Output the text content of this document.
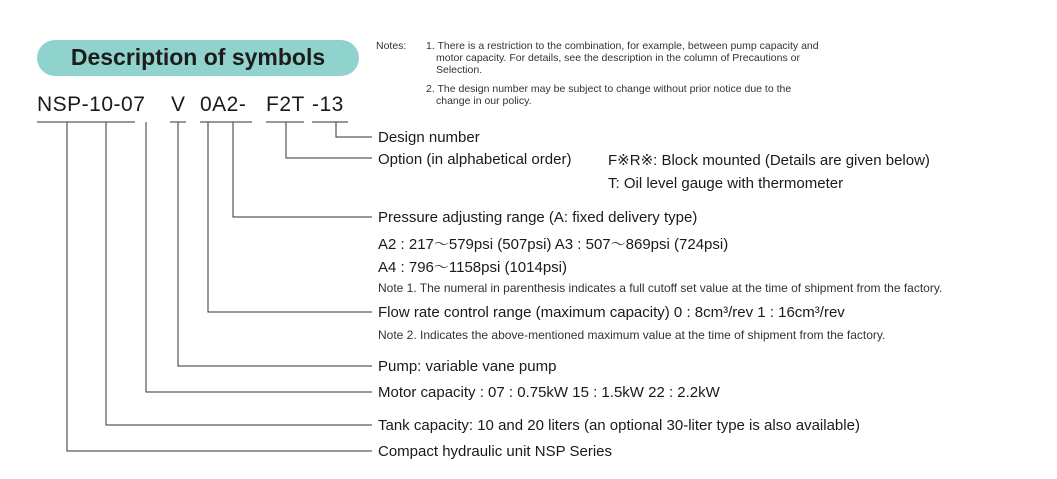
Description of symbols	Notes: 1. There is a restriction to the combination, for example, between pump capacity and
motor capacity. For details, see the description in the column of Precautions or
Selection.
2. The design number may be subject to change without prior notice due to the
change in our policy.
NSP-10-07 V 0A2- F2T -13
Design number
Option (in alphabetical order) F※R※: Block mounted (Details are given below)
T: Oil level gauge with thermometer
Pressure adjusting range (A: fixed delivery type)
A2 : 217～579psi (507psi) A3 : 507～869psi (724psi)
A4 : 796～1158psi (1014psi)
Note 1. The numeral in parenthesis indicates a full cutoff set value at the time of shipment from the factory.
Flow rate control range (maximum capacity) 0 : 8cm³/rev 1 : 16cm³/rev
Note 2. Indicates the above-mentioned maximum value at the time of shipment from the factory.
Pump: variable vane pump
Motor capacity : 07 : 0.75kW 15 : 1.5kW 22 : 2.2kW
Tank capacity: 10 and 20 liters (an optional 30-liter type is also available)
Compact hydraulic unit NSP Series
